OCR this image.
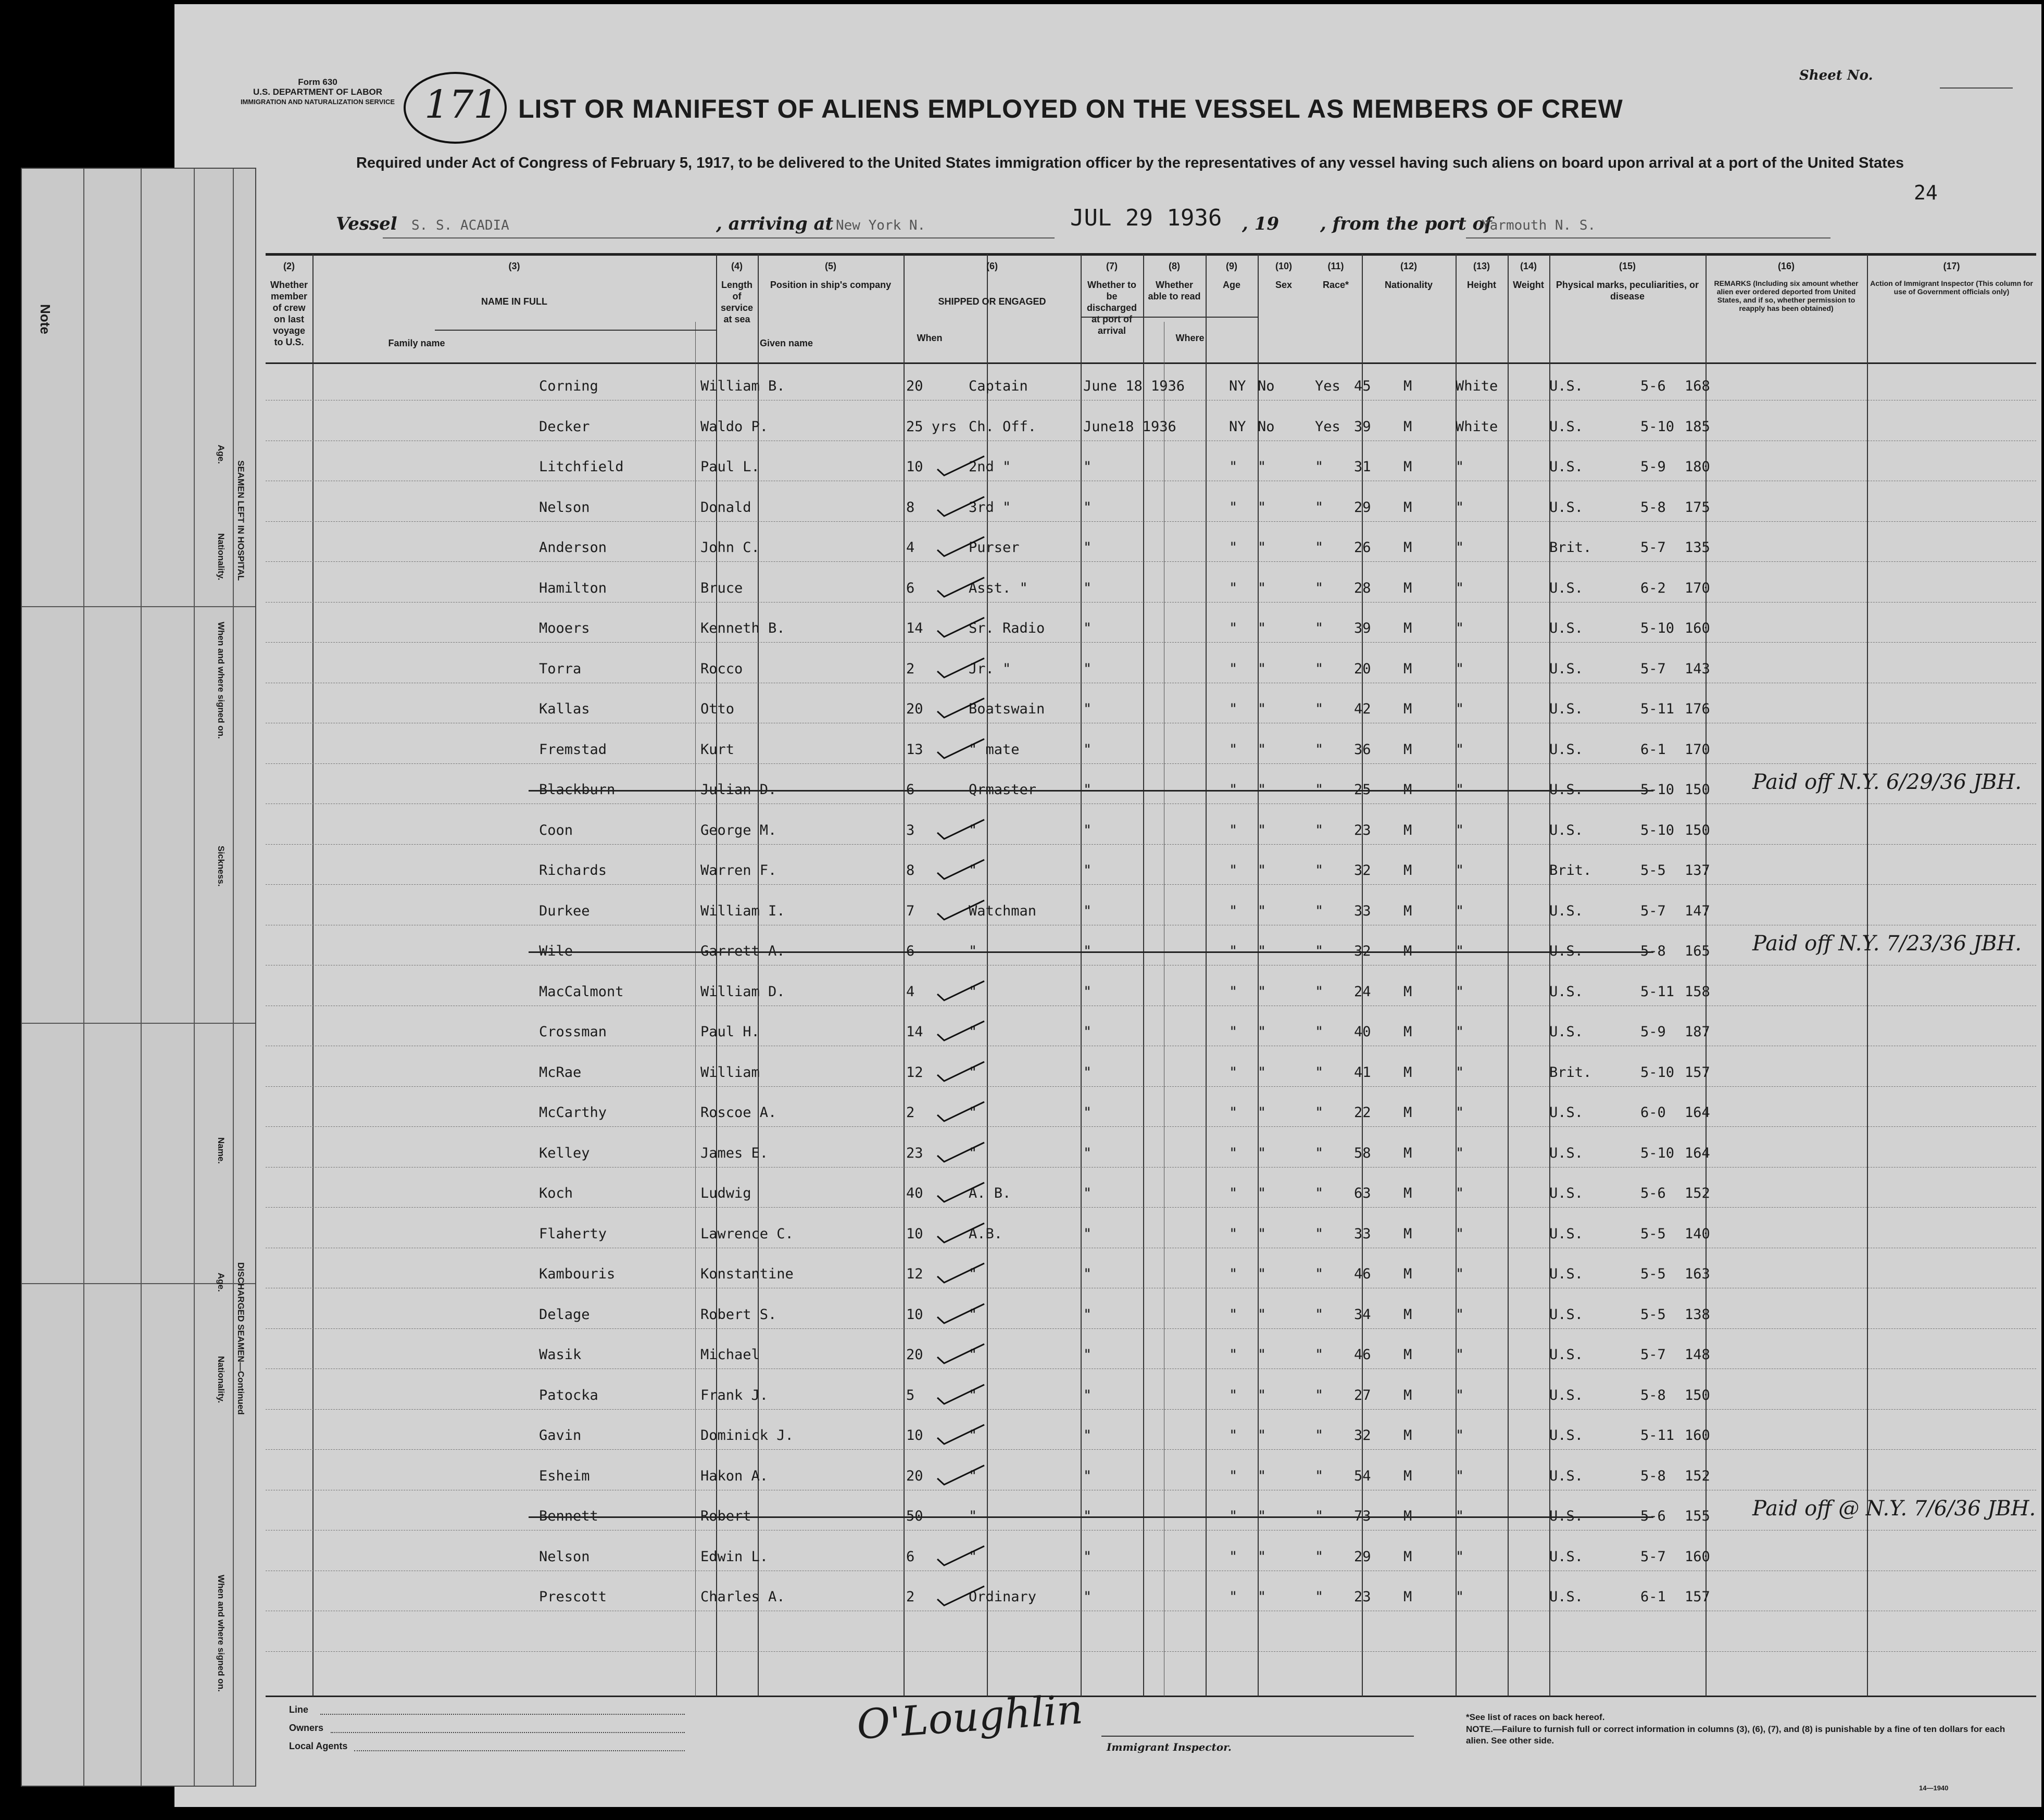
Form 630
U.S. DEPARTMENT OF LABOR
IMMIGRATION AND NATURALIZATION SERVICE 171 LIST OR MANIFEST OF ALIENS EMPLOYED ON THE VESSEL AS MEMBERS OF CREW
Required under Act of Congress of February 5, 1917, to be delivered to the United States immigration officer by the representatives of any vessel having such aliens on board upon arrival at a port of the United States
Sheet No.
24
Vessel S. S. ACADIA	, arriving at New York N.	JUL 29 1936 , 19 , from the port of
Yarmouth N. S.
(2)
Whether member of crew on last voyage to U.S.
(3)
NAME IN FULL
(4)
Length of service at sea
(5)
Position in ship's company
(6)
SHIPPED OR ENGAGED
(7)
Whether to be discharged at port of arrival
(8)
Whether able to read
(9)
Age
(10)
Sex
(11)
Race*
(12)
Nationality
(13)
Height
(14)
Weight
(15)
Physical marks, peculiarities, or disease
(16)
REMARKS (Including six amount whether alien ever ordered deported from United States, and if so, whether permission to reapply has been obtained)
(17)
Action of Immigrant Inspector (This column for use of Government officials only)
Family name	Given name	When	Where
Corning	William B.	20	Captain	June 18 1936	NY No	Yes 45 M	White	U.S.	5-6 168
Decker	Waldo P.	25 yrs Ch. Off.	June18 1936	NY No	Yes 39 M	White	U.S.	5-10 185
Litchfield	Paul L.	10	2nd "	"	" "	" 31 M	"	U.S.	5-9 180
Nelson	Donald	8	3rd "	"	" "	" 29 M	"	U.S.	5-8 175
Anderson	John C.	4	Purser	"	" "	" 26 M	"	Brit.	5-7 135
Hamilton	Bruce	6	Asst. "	"	" "	" 28 M	"	U.S.	6-2 170
Mooers	Kenneth B.	14	Sr. Radio	"	" "	" 39 M	"	U.S.	5-10 160
Torra	Rocco	2	Jr. "	"	" "	" 20 M	"	U.S.	5-7 143
Kallas	Otto	20	Boatswain	"	" "	" 42 M	"	U.S.	5-11 176
Fremstad	Kurt	13	" mate	"	" "	" 36 M	"	U.S.	6-1 170
Blackburn	Julian D.	6	Qrmaster	"	" "	" 25 M	"	U.S.	5-10 150 Paid off N.Y. 6/29/36 JBH.
Coon	George M.	3	"	"	" "	" 23 M	"	U.S.	5-10 150
Richards	Warren F.	8	"	"	" "	" 32 M	"	Brit.	5-5 137
Durkee	William I.	7	Watchman	"	" "	" 33 M	"	U.S.	5-7 147
Wile	Garrett A.	6	"	"	" "	" 32 M	"	U.S.	5-8 165 Paid off N.Y. 7/23/36 JBH.
MacCalmont	William D.	4	"	"	" "	" 24 M	"	U.S.	5-11 158
Crossman	Paul H.	14	"	"	" "	" 40 M	"	U.S.	5-9 187
McRae	William	12	"	"	" "	" 41 M	"	Brit.	5-10 157
McCarthy	Roscoe A.	2	"	"	" "	" 22 M	"	U.S.	6-0 164
Kelley	James E.	23	"	"	" "	" 58 M	"	U.S.	5-10 164
Koch	Ludwig	40	A. B.	"	" "	" 63 M	"	U.S.	5-6 152
Flaherty	Lawrence C.	10	A.B.	"	" "	" 33 M	"	U.S.	5-5 140
Kambouris	Konstantine	12	"	"	" "	" 46 M	"	U.S.	5-5 163
Delage	Robert S.	10	"	"	" "	" 34 M	"	U.S.	5-5 138
Wasik	Michael	20	"	"	" "	" 46 M	"	U.S.	5-7 148
Patocka	Frank J.	5	"	"	" "	" 27 M	"	U.S.	5-8 150
Gavin	Dominick J.	10	"	"	" "	" 32 M	"	U.S.	5-11 160
Esheim	Hakon A.	20	"	"	" "	" 54 M	"	U.S.	5-8 152
Bennett	Robert	50	"	"	" "	" 73 M	"	U.S.	5-6 155 Paid off @ N.Y. 7/6/36 JBH.
Nelson	Edwin L.	6	"	"	" "	" 29 M	"	U.S.	5-7 160
Prescott	Charles A.	2	Ordinary	"	" "	" 23 M	"	U.S.	6-1 157
Line
Owners
Local Agents	O'Loughlin Immigrant Inspector.
*See list of races on back hereof.
NOTE.—Failure to furnish full or correct information in columns (3), (6), (7), and (8) is punishable by a fine of ten dollars for each alien. See other side.
14—1940
Note
SEAMEN LEFT IN HOSPITAL
DISCHARGED SEAMEN—Continued
Age.
Nationality.
When and where signed on.
Sickness.
Name.
Age.
Nationality.
When and where signed on.
